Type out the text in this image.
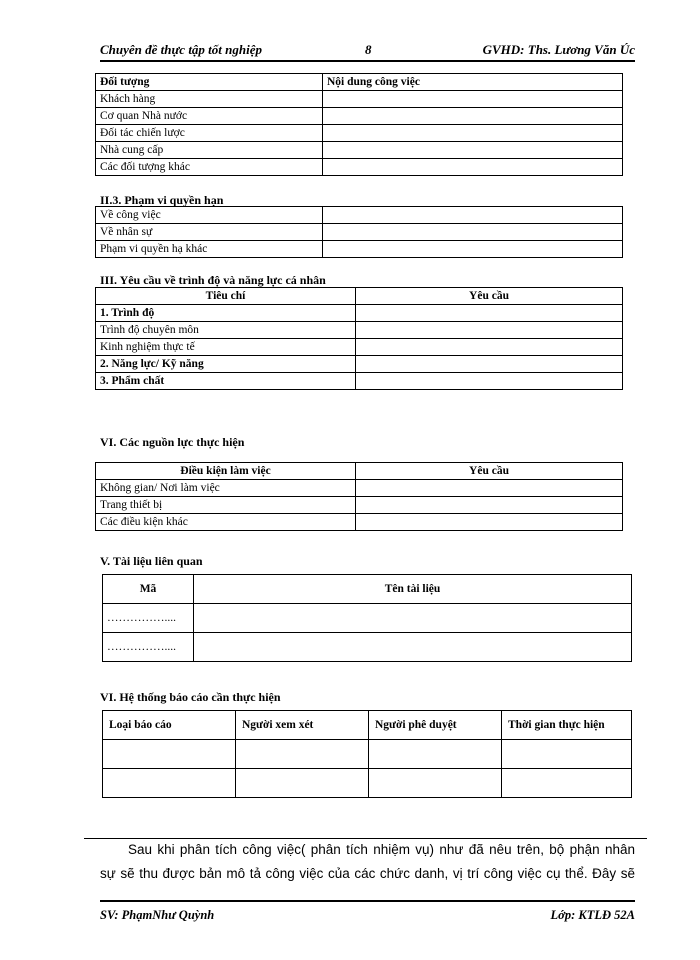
Chuyên đề thực tập tốt nghiệp	8	GVHD: Ths. Lương Văn Úc
Đối tượng	Nội dung công việc
Khách hàng	
Cơ quan Nhà nước	
Đối tác chiến lược	
Nhà cung cấp	
Các đối tượng khác	
II.3. Phạm vi quyền hạn
Về công việc	
Về nhân sự	
Phạm vi quyền hạ khác	
III. Yêu cầu về trình độ và năng lực cá nhân
Tiêu chí	Yêu cầu
1. Trình độ	
Trình độ chuyên môn	
Kinh nghiệm thực tế	
2. Năng lực/ Kỹ năng	
3. Phẩm chất	
VI. Các nguồn lực thực hiện
Điều kiện làm việc	Yêu cầu
Không gian/ Nơi làm việc	
Trang thiết bị	
Các điều kiện khác	
V. Tài liệu liên quan
Mã	Tên tài liệu
……………....	
……………....	
VI. Hệ thống báo cáo cần thực hiện
Loại báo cáo	Người xem xét	Người phê duyệt	Thời gian thực hiện

Sau khi phân tích công việc( phân tích nhiệm vụ) như đã nêu trên, bộ phận nhân
sự sẽ thu được bản mô tả công việc của các chức danh, vị trí công việc cụ thể. Đây sẽ
SV: PhạmNhư Quỳnh	Lớp: KTLĐ 52A
